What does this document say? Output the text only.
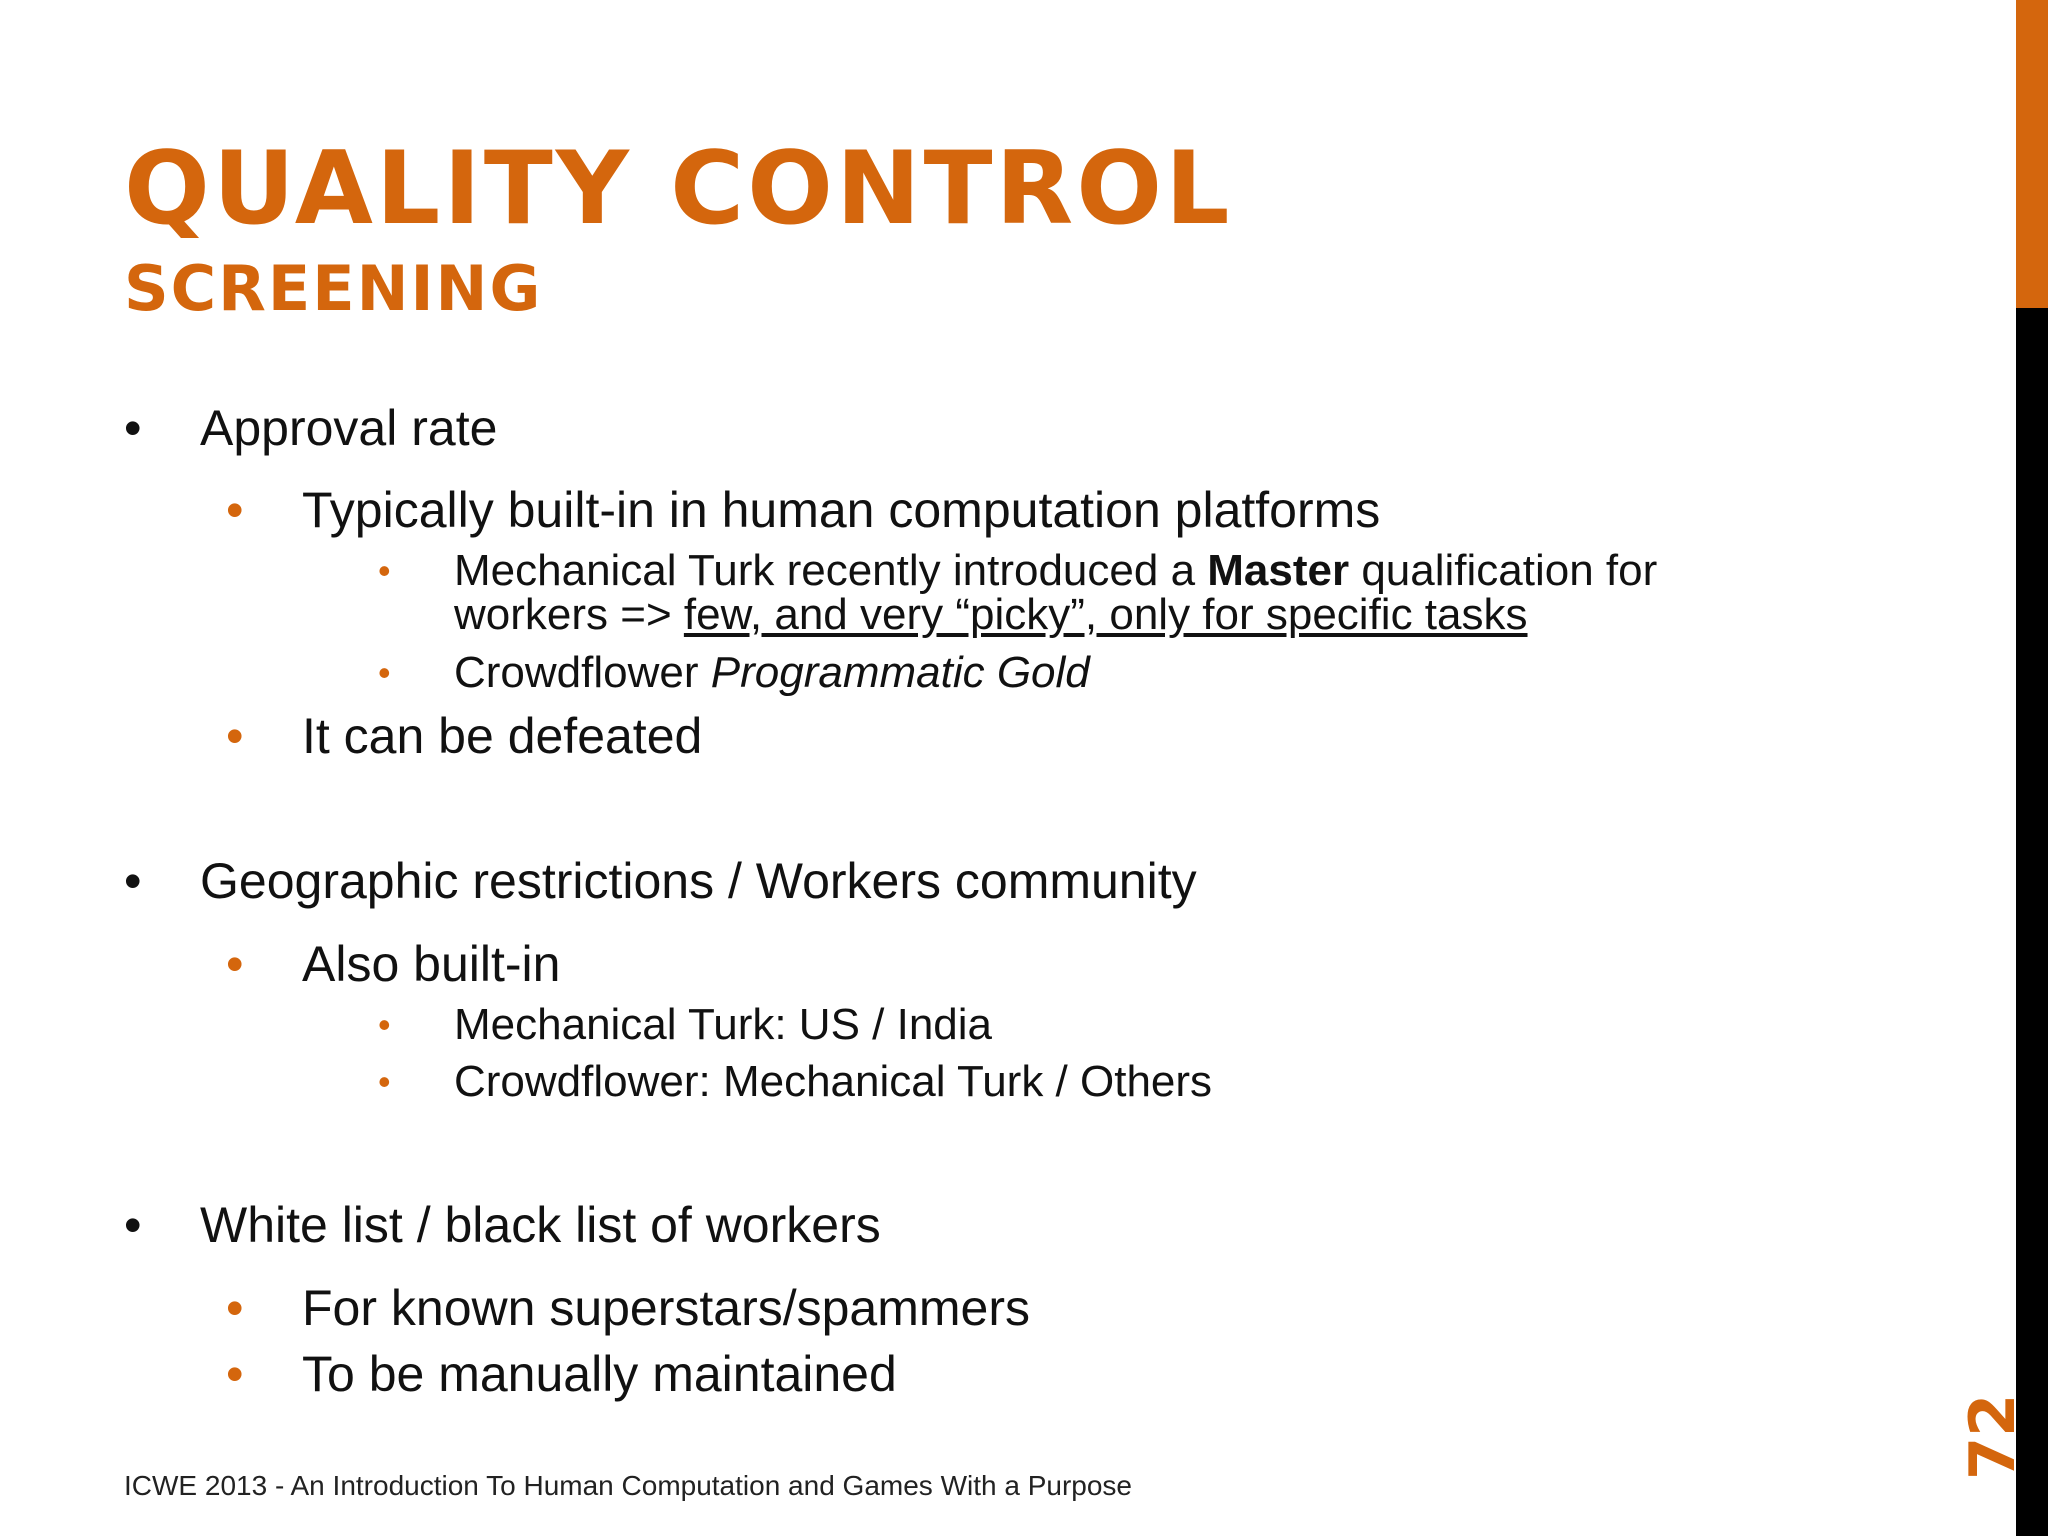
QUALITY CONTROL
SCREENING
• Approval rate
• Typically built-in in human computation platforms
• Mechanical Turk recently introduced a Master qualification for
workers => few, and very “picky”, only for specific tasks
• Crowdflower Programmatic Gold
• It can be defeated
• Geographic restrictions / Workers community
• Also built-in
• Mechanical Turk: US / India
• Crowdflower: Mechanical Turk / Others
• White list / black list of workers
• For known superstars/spammers
• To be manually maintained
ICWE 2013 - An Introduction To Human Computation and Games With a Purpose
72
